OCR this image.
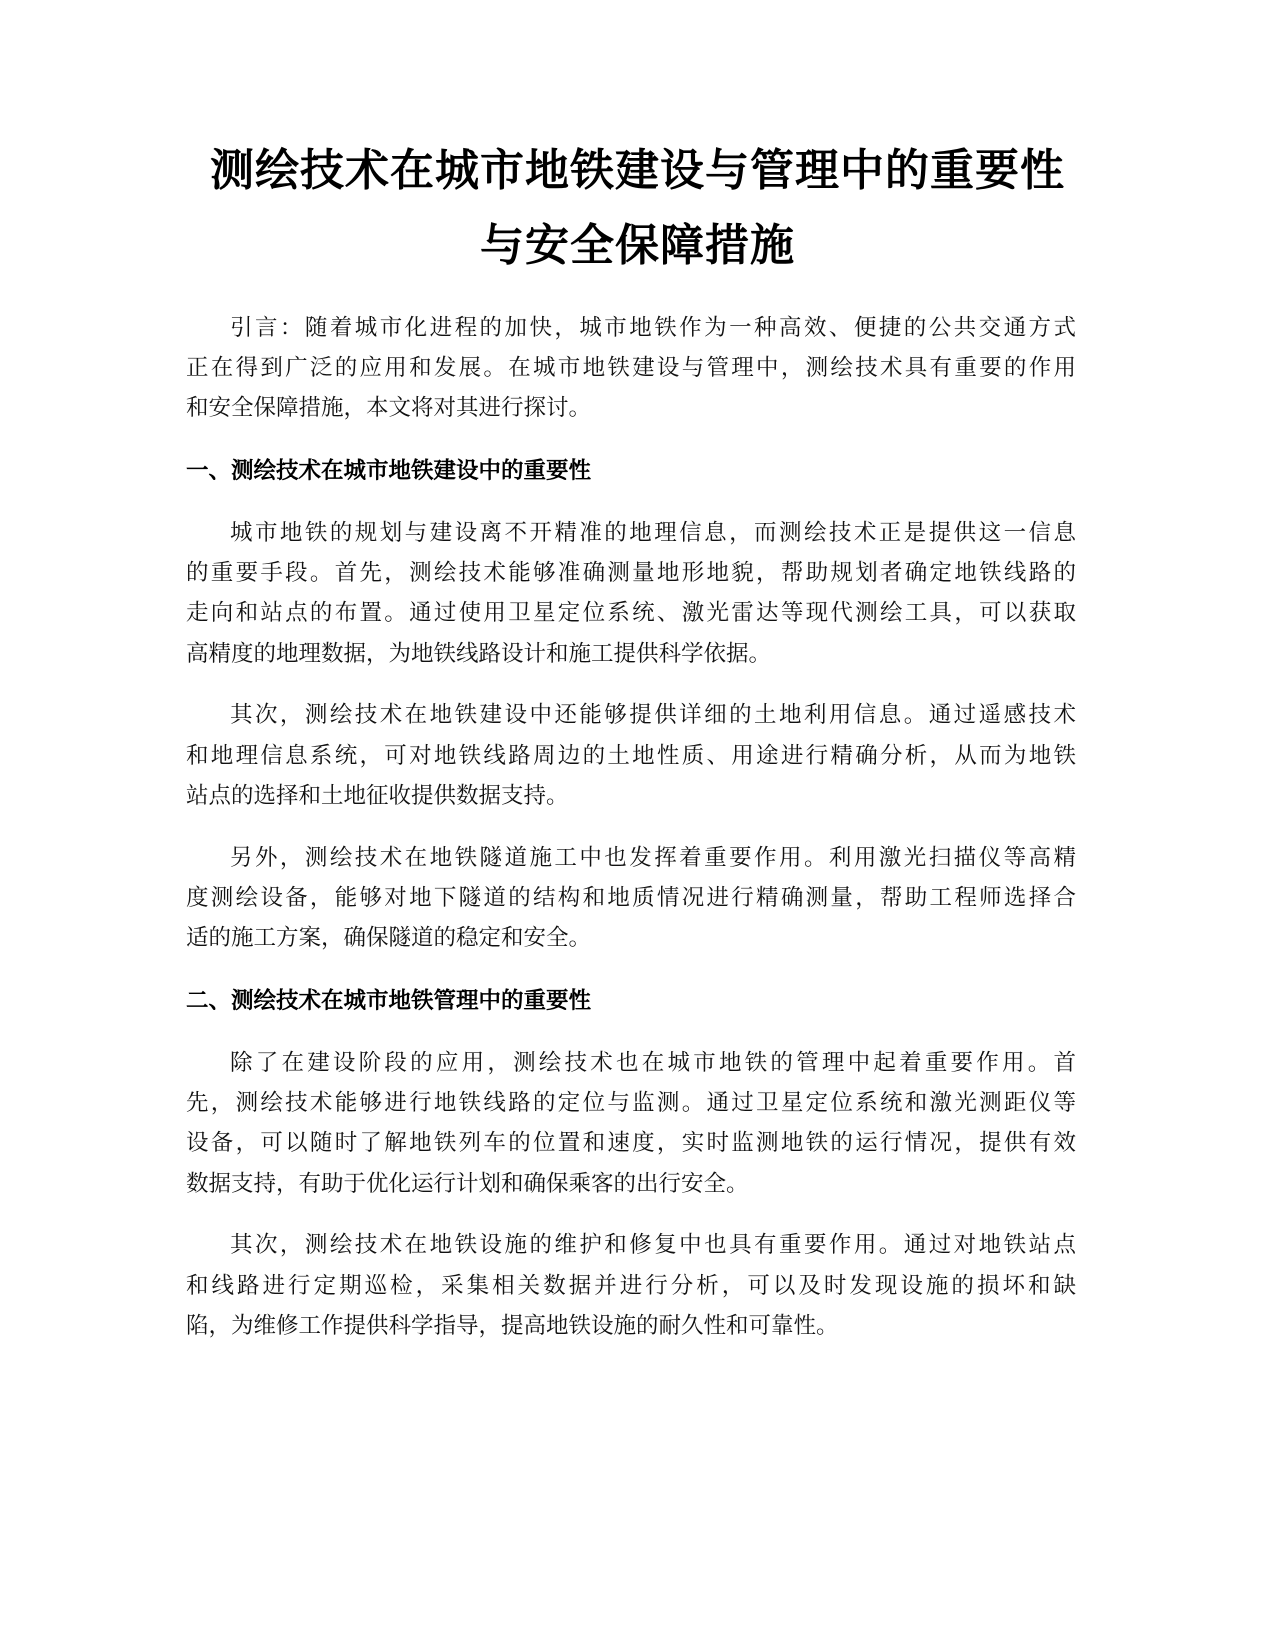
测绘技术在城市地铁建设与管理中的重要性
与安全保障措施
引言：随着城市化进程的加快，城市地铁作为一种高效、便捷的公共交通方式
正在得到广泛的应用和发展。在城市地铁建设与管理中，测绘技术具有重要的作用
和安全保障措施，本文将对其进行探讨。
一、测绘技术在城市地铁建设中的重要性
城市地铁的规划与建设离不开精准的地理信息，而测绘技术正是提供这一信息
的重要手段。首先，测绘技术能够准确测量地形地貌，帮助规划者确定地铁线路的
走向和站点的布置。通过使用卫星定位系统、激光雷达等现代测绘工具，可以获取
高精度的地理数据，为地铁线路设计和施工提供科学依据。
其次，测绘技术在地铁建设中还能够提供详细的土地利用信息。通过遥感技术
和地理信息系统，可对地铁线路周边的土地性质、用途进行精确分析，从而为地铁
站点的选择和土地征收提供数据支持。
另外，测绘技术在地铁隧道施工中也发挥着重要作用。利用激光扫描仪等高精
度测绘设备，能够对地下隧道的结构和地质情况进行精确测量，帮助工程师选择合
适的施工方案，确保隧道的稳定和安全。
二、测绘技术在城市地铁管理中的重要性
除了在建设阶段的应用，测绘技术也在城市地铁的管理中起着重要作用。首
先，测绘技术能够进行地铁线路的定位与监测。通过卫星定位系统和激光测距仪等
设备，可以随时了解地铁列车的位置和速度，实时监测地铁的运行情况，提供有效
数据支持，有助于优化运行计划和确保乘客的出行安全。
其次，测绘技术在地铁设施的维护和修复中也具有重要作用。通过对地铁站点
和线路进行定期巡检，采集相关数据并进行分析，可以及时发现设施的损坏和缺
陷，为维修工作提供科学指导，提高地铁设施的耐久性和可靠性。
